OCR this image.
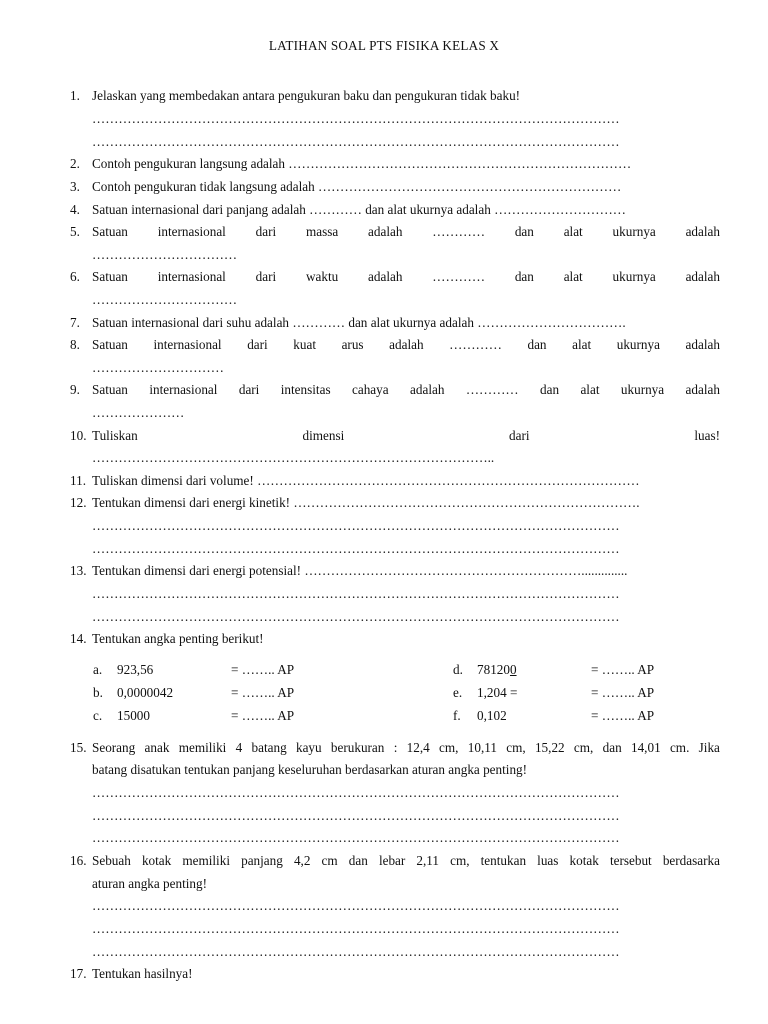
LATIHAN SOAL PTS FISIKA KELAS X
1. Jelaskan yang membedakan antara pengukuran baku dan pengukuran tidak baku!
…………………………………………………………………………………………………………
…………………………………………………………………………………………………………
2. Contoh pengukuran langsung adalah ……………………………………………………………………
3. Contoh pengukuran tidak langsung adalah ……………………………………………………………
4. Satuan internasional dari panjang adalah ………… dan alat ukurnya adalah …………………………
5. Satuan internasional dari massa adalah ………… dan alat ukurnya adalah
……………………………
6. Satuan internasional dari waktu adalah ………… dan alat ukurnya adalah
……………………………
7. Satuan internasional dari suhu adalah ………… dan alat ukurnya adalah …………………………….
8. Satuan internasional dari kuat arus adalah ………… dan alat ukurnya adalah
…………………………
9. Satuan internasional dari intensitas cahaya adalah ………… dan alat ukurnya adalah
…………………
10. Tuliskan	dimensi	dari	luas!
………………………………………………………………………………..
11. Tuliskan dimensi dari volume! ……………………………………………………………………………
12. Tentukan dimensi dari energi kinetik! …………………………………………………………………….
…………………………………………………………………………………………………………
…………………………………………………………………………………………………………
13. Tentukan dimensi dari energi potensial! ………………………………………………………..............
…………………………………………………………………………………………………………
…………………………………………………………………………………………………………
14. Tentukan angka penting berikut!
a. 923,56	= …….. AP
b. 0,0000042	= …….. AP
c. 15000	= …….. AP
d. 781200	= …….. AP
e. 1,204 =	= …….. AP
f. 0,102	= …….. AP
15. Seorang anak memiliki 4 batang kayu berukuran : 12,4 cm, 10,11 cm, 15,22 cm, dan 14,01 cm. Jika
batang disatukan tentukan panjang keseluruhan berdasarkan aturan angka penting!
…………………………………………………………………………………………………………
…………………………………………………………………………………………………………
…………………………………………………………………………………………………………
16. Sebuah kotak memiliki panjang 4,2 cm dan lebar 2,11 cm, tentukan luas kotak tersebut berdasarka
aturan angka penting!
…………………………………………………………………………………………………………
…………………………………………………………………………………………………………
…………………………………………………………………………………………………………
17. Tentukan hasilnya!
